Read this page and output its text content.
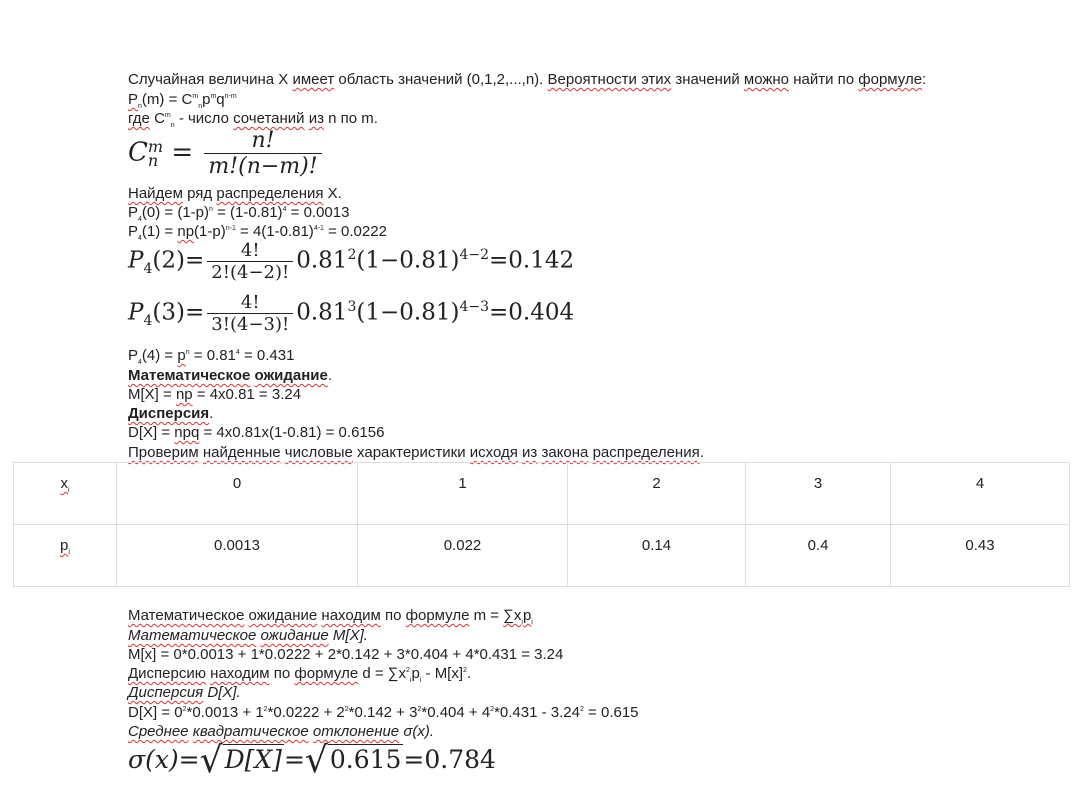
Случайная величина X имеет область значений (0,1,2,...,n). Вероятности этих значений можно найти по формуле:
$P_n(m) = C^m_np^mq^{n-m}$
где $C^m_n$ - число сочетаний из n по m.
C m
$n = \frac{n!}{m!(n-m)!}$
Найдем ряд распределения X.
$P_4(0) = (1-p)^n = (1-0.81)^4 = 0.0013$
$P_4(1) = np(1-p)^{n-1} = 4(1-0.81)^{4-1} = 0.0222$
$P_4(2)= \frac{4!}{2!(4-2)!} 0.81^2(1-0.81)^{4-2}=0.142$
$P_4(3)= \frac{4!}{3!(4-3)!} 0.81^3(1-0.81)^{4-3}=0.404$
$P_4(4) = p^n = 0.81^4 = 0.431$
Математическое ожидание.
M[X] = np = 4x0.81 = 3.24
Дисперсия.
D[X] = npq = 4x0.81x(1-0.81) = 0.6156
Проверим найденные числовые характеристики исходя из закона распределения.
$x_i$	0	1	2	3	4
$p_i$	0.0013	0.022	0.14	0.4	0.43
Математическое ожидание находим по формуле $m = \sum x_ip_i$
Математическое ожидание M[X].
M[x] = 0*0.0013 + 1*0.0222 + 2*0.142 + 3*0.404 + 4*0.431 = 3.24
Дисперсию находим по формуле $d = \sum x^2_ip_i - M[x]^2$.
Дисперсия D[X].
$D[X] = 0^2*0.0013 + 1^2*0.0222 + 2^2*0.142 + 3^2*0.404 + 4^2*0.431 - 3.24^2 = 0.615$
Среднее квадратическое отклонение σ(x).
σ(x)=√D[X]=√0.615=0.784
